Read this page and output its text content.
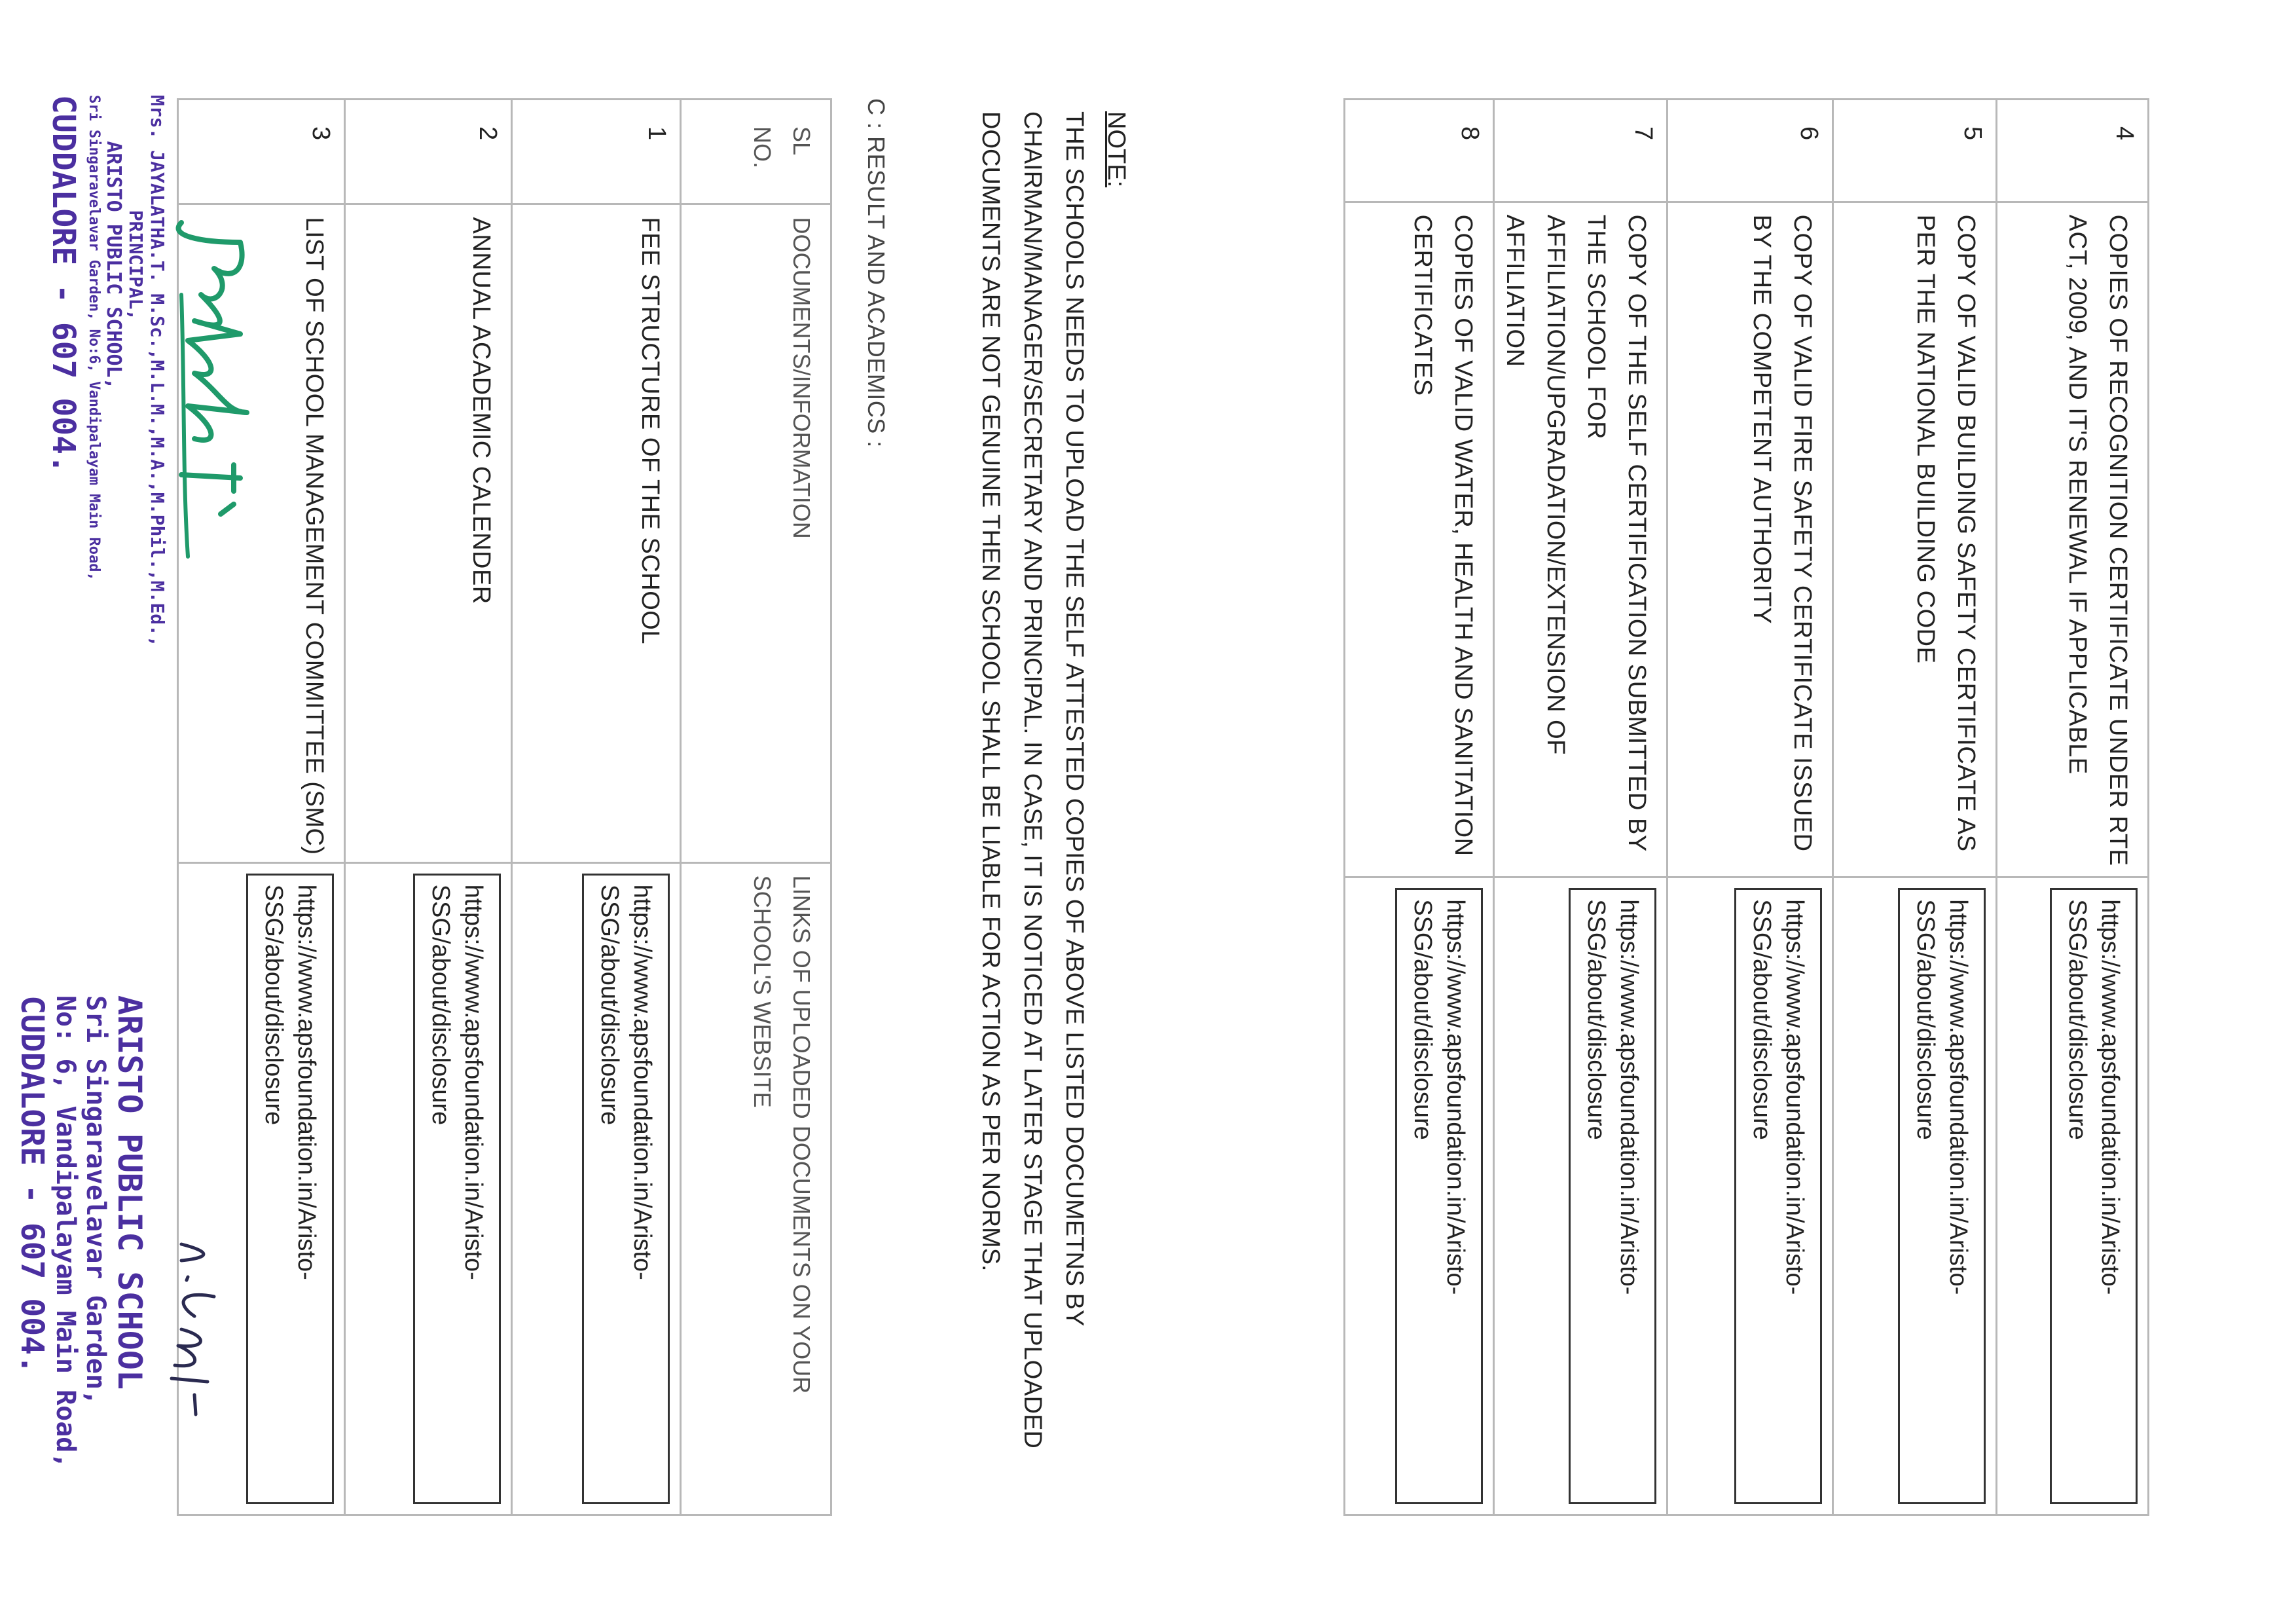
4	COPIES OF RECOGNITION CERTIFICATE UNDER RTE ACT, 2009, AND IT'S RENEWAL IF APPLICABLE	https://www.apsfoundation.in/Aristo-SSG/about/disclosure

5	COPY OF VALID BUILDING SAFETY CERTIFICATE AS PER THE NATIONAL BUILDING CODE	https://www.apsfoundation.in/Aristo-SSG/about/disclosure

6	COPY OF VALID FIRE SAFETY CERTIFICATE ISSUED BY THE COMPETENT AUTHORITY	https://www.apsfoundation.in/Aristo-SSG/about/disclosure

7	COPY OF THE SELF CERTIFICATION SUBMITTED BY THE SCHOOL FOR AFFILIATION/UPGRADATION/EXTENSION OF AFFILIATION	https://www.apsfoundation.in/Aristo-SSG/about/disclosure

8	COPIES OF VALID WATER, HEALTH AND SANITATION CERTIFICATES	https://www.apsfoundation.in/Aristo-SSG/about/disclosure
NOTE:
THE SCHOOLS NEEDS TO UPLOAD THE SELF ATTESTED COPIES OF ABOVE LISTED DOCUMETNS BY CHAIRMAN/MANAGER/SECRETARY AND PRINCIPAL. IN CASE, IT IS NOTICED AT LATER STAGE THAT UPLOADED DOCUMENTS ARE NOT GENUINE THEN SCHOOL SHALL BE LIABLE FOR ACTION AS PER NORMS.
C : RESULT AND ACADEMICS :
SL
NO.	DOCUMENTS/INFORMATION	LINKS OF UPLOADED DOCUMENTS ON YOUR SCHOOL'S WEBSITE
1	FEE STRUCTURE OF THE SCHOOL	https://www.apsfoundation.in/Aristo-SSG/about/disclosure

2	ANNUAL ACADEMIC CALENDER	https://www.apsfoundation.in/Aristo-SSG/about/disclosure

3	LIST OF SCHOOL MANAGEMENT COMMITTEE (SMC)	https://www.apsfoundation.in/Aristo-SSG/about/disclosure
Mrs. JAYALATHA.T. M.Sc.,M.L.M.,M.A.,M.Phil.,M.Ed.,
PRINCIPAL,
ARISTO PUBLIC SCHOOL,
Sri Singaravelavar Garden, No:6, Vandipalayam Main Road,
CUDDALORE - 607 004.
ARISTO PUBLIC SCHOOL
Sri Singaravelavar Garden,
No: 6, Vandipalayam Main Road,
CUDDALORE - 607 004.
